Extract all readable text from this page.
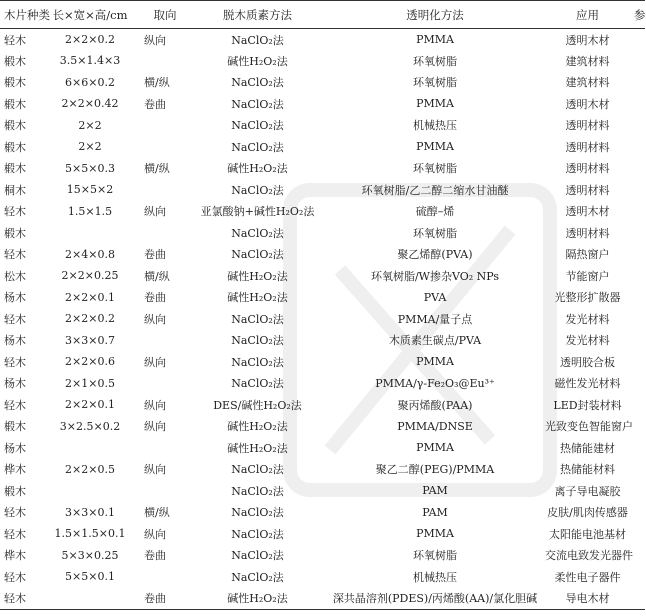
木片种类	长×宽×高/cm	取向	脱木质素方法	透明化方法	应用	参
轻木	2×2×0.2	纵向	NaClO₂法	PMMA	透明木材	
椴木	3.5×1.4×3		碱性H₂O₂法	环氧树脂	建筑材料	
椴木	6×6×0.2	横/纵	NaClO₂法	环氧树脂	建筑材料	
椴木	2×2×0.42	卷曲	NaClO₂法	PMMA	透明木材	
椴木	2×2		NaClO₂法	机械热压	透明材料	
椴木	2×2		NaClO₂法	PMMA	透明材料	
椴木	5×5×0.3	横/纵	碱性H₂O₂法	环氧树脂	透明材料	
桐木	15×5×2		NaClO₂法	环氧树脂/乙二醇二缩水甘油醚	透明材料	
轻木	1.5×1.5	纵向	亚氯酸钠+碱性H₂O₂法	硫醇–烯	透明木材	
椴木			NaClO₂法	环氧树脂	透明材料	
轻木	2×4×0.8	卷曲	NaClO₂法	聚乙烯醇(PVA)	隔热窗户	
松木	2×2×0.25	横/纵	碱性H₂O₂法	环氧树脂/W掺杂VO₂ NPs	节能窗户	
杨木	2×2×0.1	卷曲	碱性H₂O₂法	PVA	光整形扩散器	
轻木	2×2×0.2	纵向	NaClO₂法	PMMA/量子点	发光材料	
杨木	3×3×0.7		NaClO₂法	木质素生碳点/PVA	发光材料	
轻木	2×2×0.6	纵向	NaClO₂法	PMMA	透明胶合板	
杨木	2×1×0.5		NaClO₂法	PMMA/γ-Fe₂O₃@Eu³⁺	磁性发光材料	
轻木	2×2×0.1	纵向	DES/碱性H₂O₂法	聚丙烯酸(PAA)	LED封装材料	
椴木	3×2.5×0.2	纵向	碱性H₂O₂法	PMMA/DNSE	光致变色智能窗户	
杨木			碱性H₂O₂法	PMMA	热储能建材	
桦木	2×2×0.5	纵向	NaClO₂法	聚乙二醇(PEG)/PMMA	热储能材料	
椴木			NaClO₂法	PAM	离子导电凝胶	
轻木	3×3×0.1	横/纵	NaClO₂法	PAM	皮肤/肌肉传感器	
轻木	1.5×1.5×0.1	纵向	NaClO₂法	PMMA	太阳能电池基材	
桦木	5×3×0.25	卷曲	NaClO₂法	环氧树脂	交流电致发光器件	
轻木	5×5×0.1		NaClO₂法	机械热压	柔性电子器件	
轻木		卷曲	碱性H₂O₂法	深共晶溶剂(PDES)/丙烯酸(AA)/氯化胆碱	导电木材	
